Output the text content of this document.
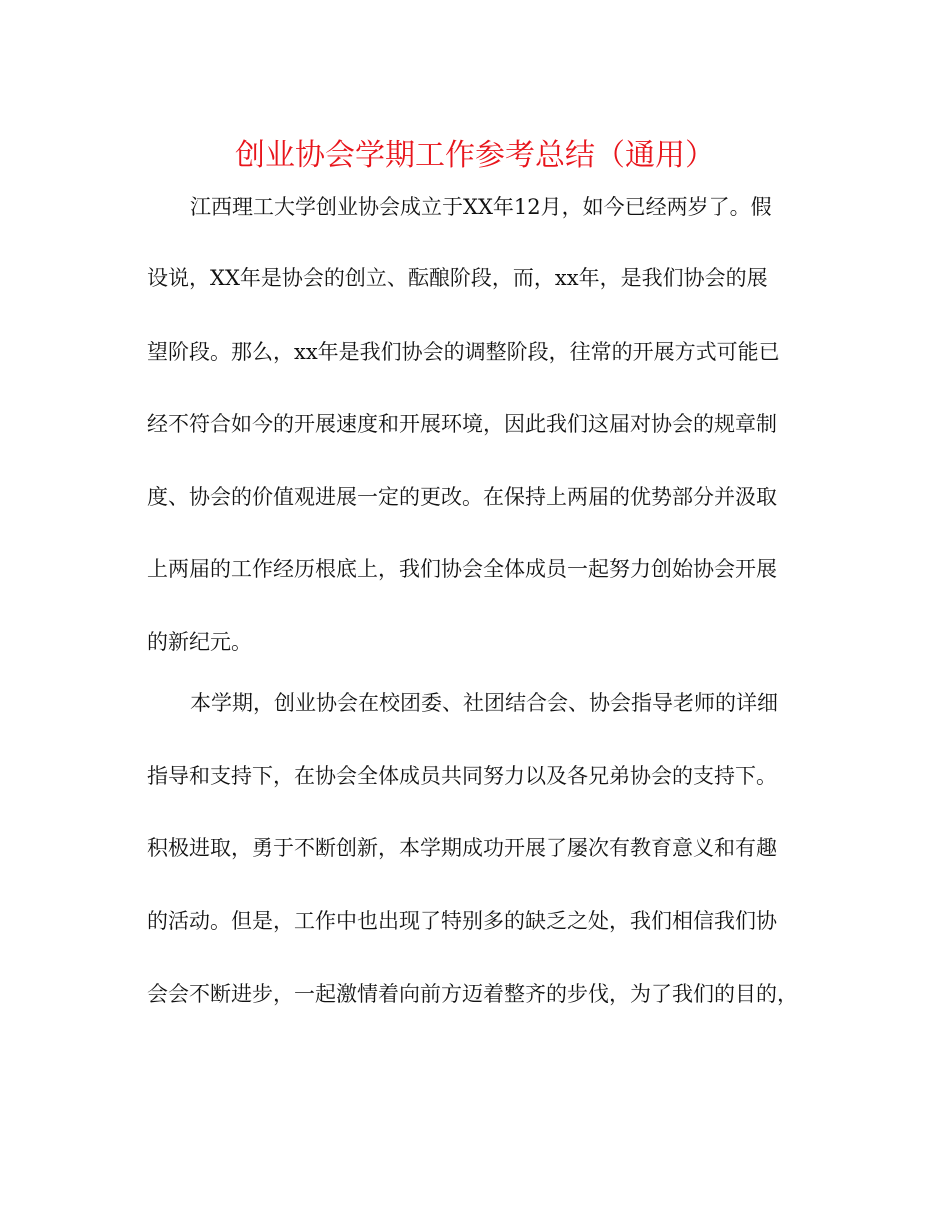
创业协会学期工作参考总结（通用）
江西理工大学创业协会成立于XX年12月，如今已经两岁了。假
设说，XX年是协会的创立、酝酿阶段，而，xx年，是我们协会的展
望阶段。那么，xx年是我们协会的调整阶段，往常的开展方式可能已
经不符合如今的开展速度和开展环境，因此我们这届对协会的规章制
度、协会的价值观进展一定的更改。在保持上两届的优势部分并汲取
上两届的工作经历根底上，我们协会全体成员一起努力创始协会开展
的新纪元。
本学期，创业协会在校团委、社团结合会、协会指导老师的详细
指导和支持下，在协会全体成员共同努力以及各兄弟协会的支持下。
积极进取，勇于不断创新，本学期成功开展了屡次有教育意义和有趣
的活动。但是，工作中也出现了特别多的缺乏之处，我们相信我们协
会会不断进步，一起激情着向前方迈着整齐的步伐，为了我们的目的，
